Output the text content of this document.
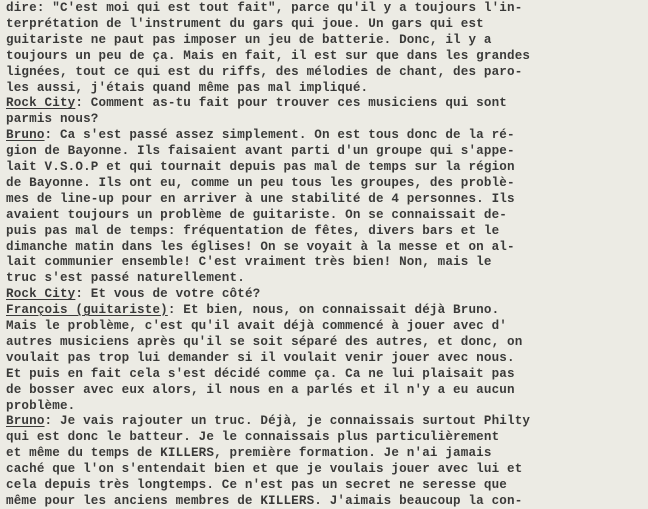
dire: "C'est moi qui est tout fait", parce qu'il y a toujours l'in-
terprétation de l'instrument du gars qui joue. Un gars qui est
guitariste ne paut pas imposer un jeu de batterie. Donc, il y a
toujours un peu de ça. Mais en fait, il est sur que dans les grandes
lignées, tout ce qui est du riffs, des mélodies de chant, des paro-
les aussi, j'étais quand même pas mal impliqué.
Rock City: Comment as-tu fait pour trouver ces musiciens qui sont
parmis nous?
Bruno: Ca s'est passé assez simplement. On est tous donc de la ré-
gion de Bayonne. Ils faisaient avant parti d'un groupe qui s'appe-
lait V.S.O.P et qui tournait depuis pas mal de temps sur la région
de Bayonne. Ils ont eu, comme un peu tous les groupes, des problè-
mes de line-up pour en arriver à une stabilité de 4 personnes. Ils
avaient toujours un problème de guitariste. On se connaissait de-
puis pas mal de temps: fréquentation de fêtes, divers bars et le
dimanche matin dans les églises! On se voyait à la messe et on al-
lait communier ensemble! C'est vraiment très bien! Non, mais le
truc s'est passé naturellement.
Rock City: Et vous de votre côté?
François (guitariste): Et bien, nous, on connaissait déjà Bruno.
Mais le problème, c'est qu'il avait déjà commencé à jouer avec d'
autres musiciens après qu'il se soit séparé des autres, et donc, on
voulait pas trop lui demander si il voulait venir jouer avec nous.
Et puis en fait cela s'est décidé comme ça. Ca ne lui plaisait pas
de bosser avec eux alors, il nous en a parlés et il n'y a eu aucun
problème.
Bruno: Je vais rajouter un truc. Déjà, je connaissais surtout Philty
qui est donc le batteur. Je le connaissais plus particulièrement
et même du temps de KILLERS, première formation. Je n'ai jamais
caché que l'on s'entendait bien et que je voulais jouer avec lui et
cela depuis très longtemps. Ce n'est pas un secret ne seresse que
même pour les anciens membres de KILLERS. J'aimais beaucoup la con-
